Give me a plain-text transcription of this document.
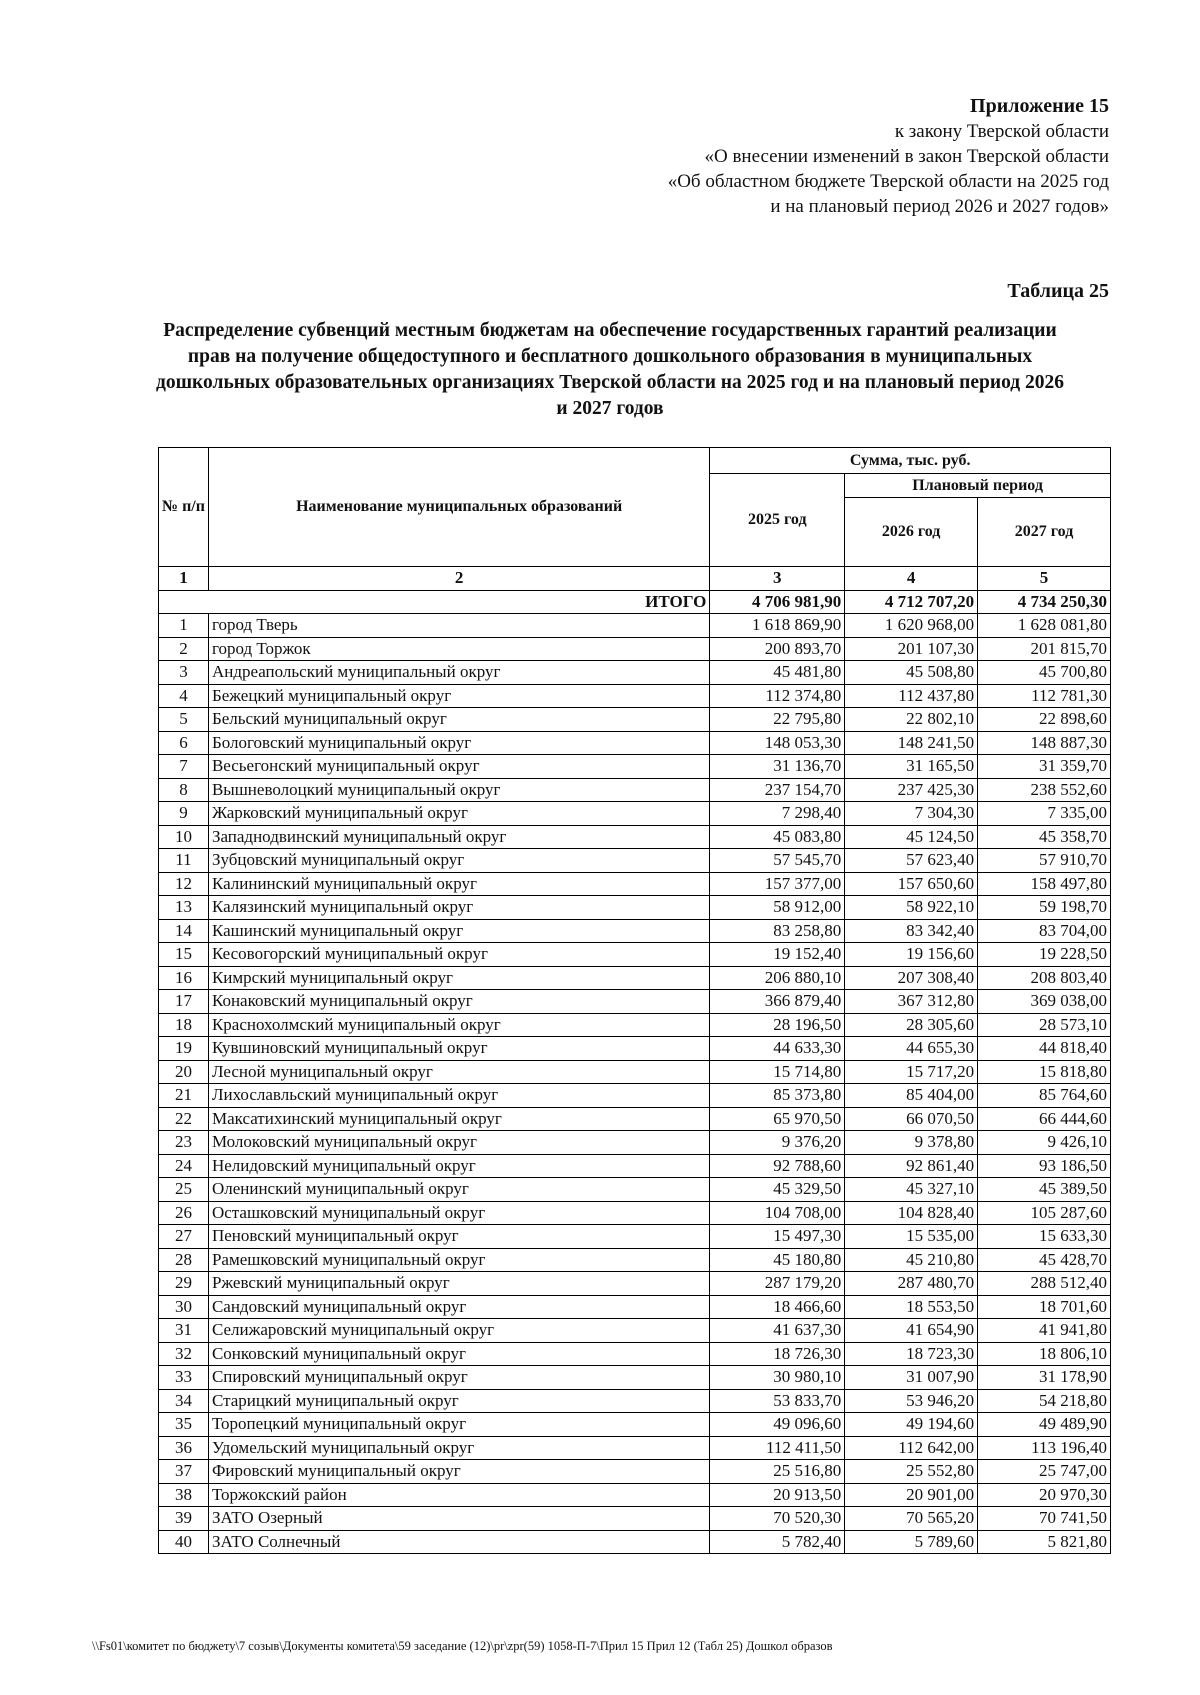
Приложение 15
к закону Тверской области
«О внесении изменений в закон Тверской области
«Об областном бюджете Тверской области на 2025 год
и на плановый период 2026 и 2027 годов»
Таблица 25
Распределение субвенций местным бюджетам на обеспечение государственных гарантий реализации прав на получение общедоступного и бесплатного дошкольного образования в муниципальных дошкольных образовательных организациях Тверской области на 2025 год и на плановый период 2026 и 2027 годов
№ п/п	Наименование муниципальных образований	Сумма, тыс. руб.		
		2025 год	Плановый период	
			2026 год	2027 год
1	2	3	4	5
ИТОГО		4 706 981,90	4 712 707,20	4 734 250,30
1	город Тверь	1 618 869,90	1 620 968,00	1 628 081,80
2	город Торжок	200 893,70	201 107,30	201 815,70
3	Андреапольский муниципальный округ	45 481,80	45 508,80	45 700,80
4	Бежецкий муниципальный округ	112 374,80	112 437,80	112 781,30
5	Бельский муниципальный округ	22 795,80	22 802,10	22 898,60
6	Бологовский муниципальный округ	148 053,30	148 241,50	148 887,30
7	Весьегонский муниципальный округ	31 136,70	31 165,50	31 359,70
8	Вышневолоцкий муниципальный округ	237 154,70	237 425,30	238 552,60
9	Жарковский муниципальный округ	7 298,40	7 304,30	7 335,00
10	Западнодвинский муниципальный округ	45 083,80	45 124,50	45 358,70
11	Зубцовский муниципальный округ	57 545,70	57 623,40	57 910,70
12	Калининский муниципальный округ	157 377,00	157 650,60	158 497,80
13	Калязинский муниципальный округ	58 912,00	58 922,10	59 198,70
14	Кашинский муниципальный округ	83 258,80	83 342,40	83 704,00
15	Кесовогорский муниципальный округ	19 152,40	19 156,60	19 228,50
16	Кимрский муниципальный округ	206 880,10	207 308,40	208 803,40
17	Конаковский муниципальный округ	366 879,40	367 312,80	369 038,00
18	Краснохолмский муниципальный округ	28 196,50	28 305,60	28 573,10
19	Кувшиновский муниципальный округ	44 633,30	44 655,30	44 818,40
20	Лесной муниципальный округ	15 714,80	15 717,20	15 818,80
21	Лихославльский муниципальный округ	85 373,80	85 404,00	85 764,60
22	Максатихинский муниципальный округ	65 970,50	66 070,50	66 444,60
23	Молоковский муниципальный округ	9 376,20	9 378,80	9 426,10
24	Нелидовский муниципальный округ	92 788,60	92 861,40	93 186,50
25	Оленинский муниципальный округ	45 329,50	45 327,10	45 389,50
26	Осташковский муниципальный округ	104 708,00	104 828,40	105 287,60
27	Пеновский муниципальный округ	15 497,30	15 535,00	15 633,30
28	Рамешковский муниципальный округ	45 180,80	45 210,80	45 428,70
29	Ржевский муниципальный округ	287 179,20	287 480,70	288 512,40
30	Сандовский муниципальный округ	18 466,60	18 553,50	18 701,60
31	Селижаровский муниципальный округ	41 637,30	41 654,90	41 941,80
32	Сонковский муниципальный округ	18 726,30	18 723,30	18 806,10
33	Спировский муниципальный округ	30 980,10	31 007,90	31 178,90
34	Старицкий муниципальный округ	53 833,70	53 946,20	54 218,80
35	Торопецкий муниципальный округ	49 096,60	49 194,60	49 489,90
36	Удомельский муниципальный округ	112 411,50	112 642,00	113 196,40
37	Фировский муниципальный округ	25 516,80	25 552,80	25 747,00
38	Торжокский район	20 913,50	20 901,00	20 970,30
39	ЗАТО Озерный	70 520,30	70 565,20	70 741,50
40	ЗАТО Солнечный	5 782,40	5 789,60	5 821,80
\\Fs01\комитет по бюджету\7 созыв\Документы комитета\59 заседание (12)\pr\zpr(59) 1058-П-7\Прил 15 Прил 12 (Табл 25) Дошкол образов
